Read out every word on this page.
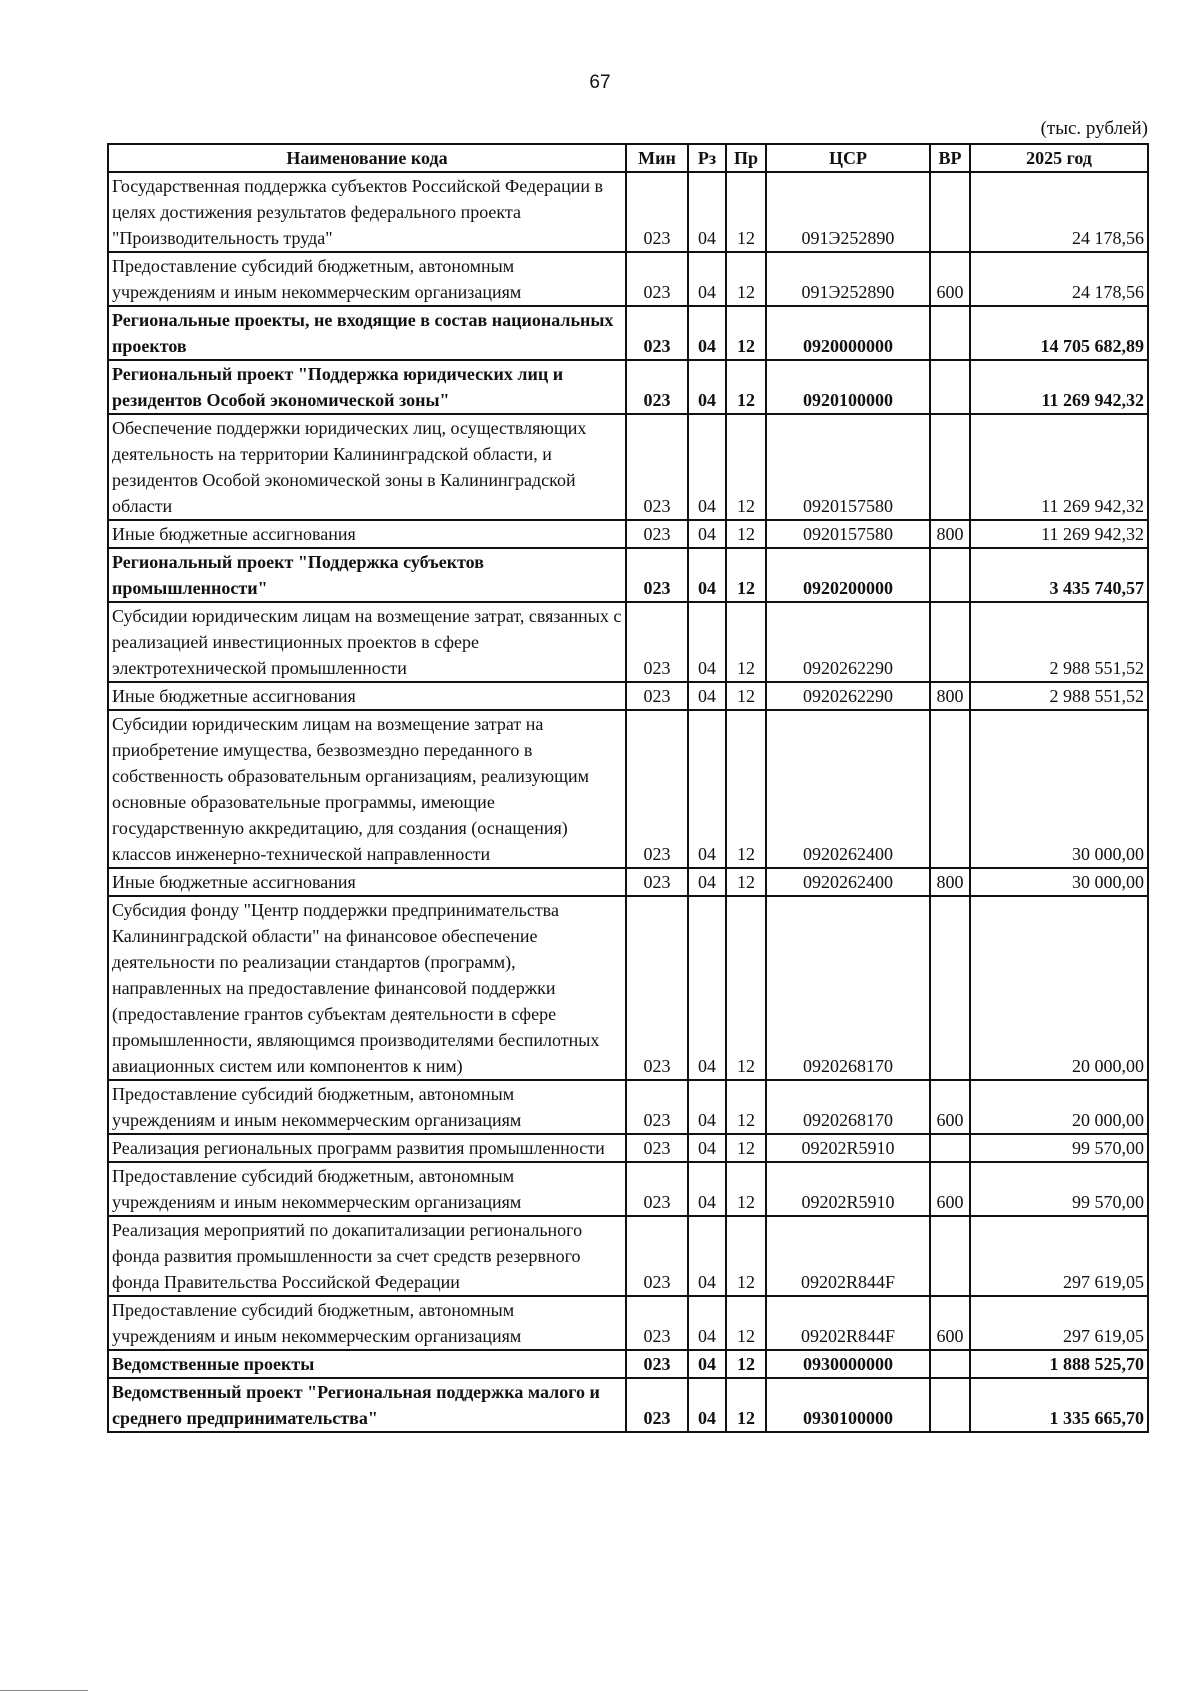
67
(тыс. рублей)
Наименование кода	Мин	Рз	Пр	ЦСР	ВР	2025 год
Государственная поддержка субъектов Российской Федерации в целях достижения результатов федерального проекта "Производительность труда"	023	04	12	091Э252890		24 178,56
Предоставление субсидий бюджетным, автономным учреждениям и иным некоммерческим организациям	023	04	12	091Э252890	600	24 178,56
Региональные проекты, не входящие в состав национальных проектов	023	04	12	0920000000		14 705 682,89
Региональный проект "Поддержка юридических лиц и резидентов Особой экономической зоны"	023	04	12	0920100000		11 269 942,32
Обеспечение поддержки юридических лиц, осуществляющих деятельность на территории Калининградской области, и резидентов Особой экономической зоны в Калининградской области	023	04	12	0920157580		11 269 942,32
Иные бюджетные ассигнования	023	04	12	0920157580	800	11 269 942,32
Региональный проект "Поддержка субъектов промышленности"	023	04	12	0920200000		3 435 740,57
Субсидии юридическим лицам на возмещение затрат, связанных с реализацией инвестиционных проектов в сфере электротехнической промышленности	023	04	12	0920262290		2 988 551,52
Иные бюджетные ассигнования	023	04	12	0920262290	800	2 988 551,52
Субсидии юридическим лицам на возмещение затрат на приобретение имущества, безвозмездно переданного в собственность образовательным организациям, реализующим основные образовательные программы, имеющие государственную аккредитацию, для создания (оснащения) классов инженерно-технической направленности	023	04	12	0920262400		30 000,00
Иные бюджетные ассигнования	023	04	12	0920262400	800	30 000,00
Субсидия фонду "Центр поддержки предпринимательства Калининградской области" на финансовое обеспечение деятельности по реализации стандартов (программ), направленных на предоставление финансовой поддержки (предоставление грантов субъектам деятельности в сфере промышленности, являющимся производителями беспилотных авиационных систем или компонентов к ним)	023	04	12	0920268170		20 000,00
Предоставление субсидий бюджетным, автономным учреждениям и иным некоммерческим организациям	023	04	12	0920268170	600	20 000,00
Реализация региональных программ развития промышленности	023	04	12	09202R5910		99 570,00
Предоставление субсидий бюджетным, автономным учреждениям и иным некоммерческим организациям	023	04	12	09202R5910	600	99 570,00
Реализация мероприятий по докапитализации регионального фонда развития промышленности за счет средств резервного фонда Правительства Российской Федерации	023	04	12	09202R844F		297 619,05
Предоставление субсидий бюджетным, автономным учреждениям и иным некоммерческим организациям	023	04	12	09202R844F	600	297 619,05
Ведомственные проекты	023	04	12	0930000000		1 888 525,70
Ведомственный проект "Региональная поддержка малого и среднего предпринимательства"	023	04	12	0930100000		1 335 665,70
